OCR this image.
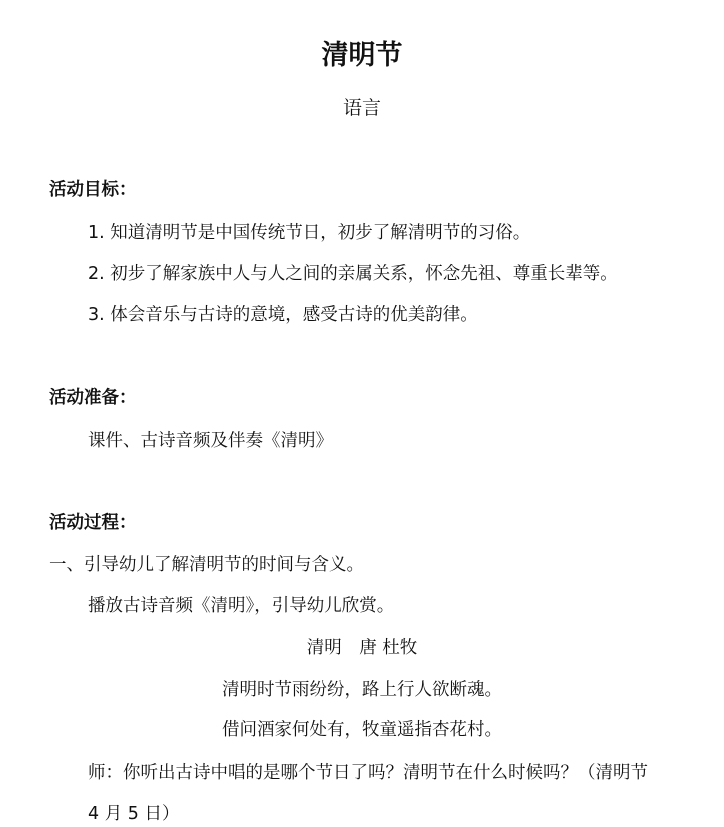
清明节
语言
活动目标：
1. 知道清明节是中国传统节日，初步了解清明节的习俗。
2. 初步了解家族中人与人之间的亲属关系，怀念先祖、尊重长辈等。
3. 体会音乐与古诗的意境，感受古诗的优美韵律。
活动准备：
课件、古诗音频及伴奏《清明》
活动过程：
一、引导幼儿了解清明节的时间与含义。
播放古诗音频《清明》，引导幼儿欣赏。
清明　唐 杜牧
清明时节雨纷纷，路上行人欲断魂。
借问酒家何处有，牧童遥指杏花村。
师：你听出古诗中唱的是哪个节日了吗？清明节在什么时候吗？（清明节
4 月 5 日）
